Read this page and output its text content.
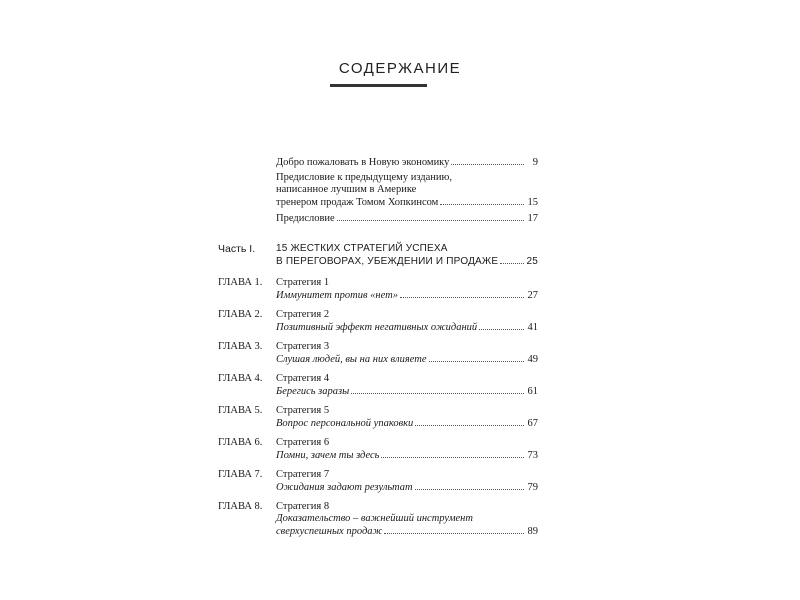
СОДЕРЖАНИЕ
Добро пожаловать в Новую экономику	9
Предисловие к предыдущему изданию,
написанное лучшим в Америке
тренером продаж Томом Хопкинсом	15
Предисловие	17
Часть I. 15 ЖЕСТКИХ СТРАТЕГИЙ УСПЕХА
В ПЕРЕГОВОРАХ, УБЕЖДЕНИИ И ПРОДАЖЕ	25
ГЛАВА 1. Стратегия 1
Иммунитет против «нет»	27
ГЛАВА 2. Стратегия 2
Позитивный эффект негативных ожиданий	41
ГЛАВА 3. Стратегия 3
Слушая людей, вы на них влияете	49
ГЛАВА 4. Стратегия 4
Берегись заразы	61
ГЛАВА 5. Стратегия 5
Вопрос персональной упаковки	67
ГЛАВА 6. Стратегия 6
Помни, зачем ты здесь	73
ГЛАВА 7. Стратегия 7
Ожидания задают результат	79
ГЛАВА 8. Стратегия 8
Доказательство – важнейший инструмент
сверхуспешных продаж	89
